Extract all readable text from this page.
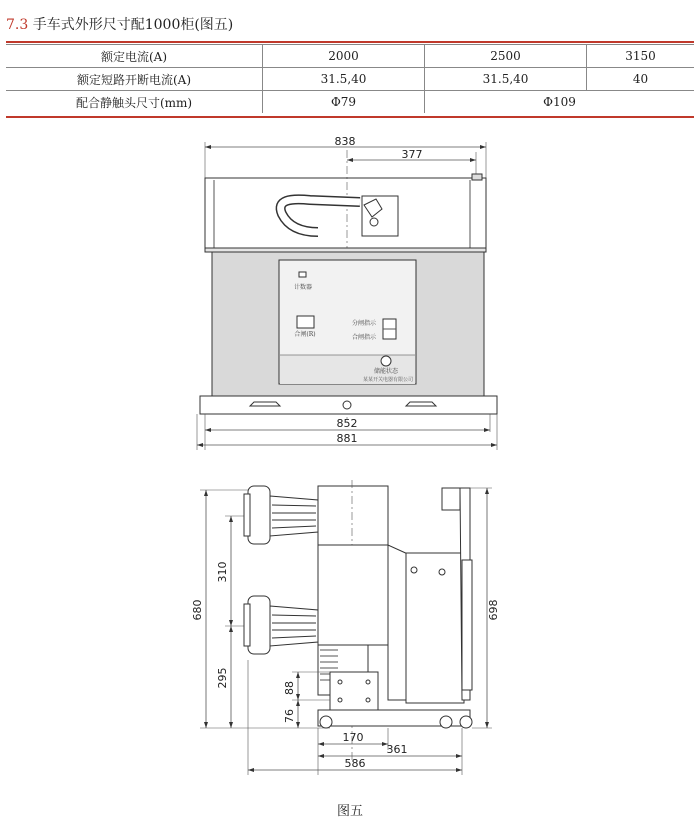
7.3 手车式外形尺寸配1000柜(图五)
额定电流(A)	2000	2500	3150
额定短路开断电流(A)	31.5,40	31.5,40	40
配合静触头尺寸(mm)	Φ79	Φ109	
838
377
计数器
合闸(R)
分闸指示
合闸指示
储能状态
某某开关电器有限公司
852
881
680
310
295	88
76
698
170
361
586
图五
